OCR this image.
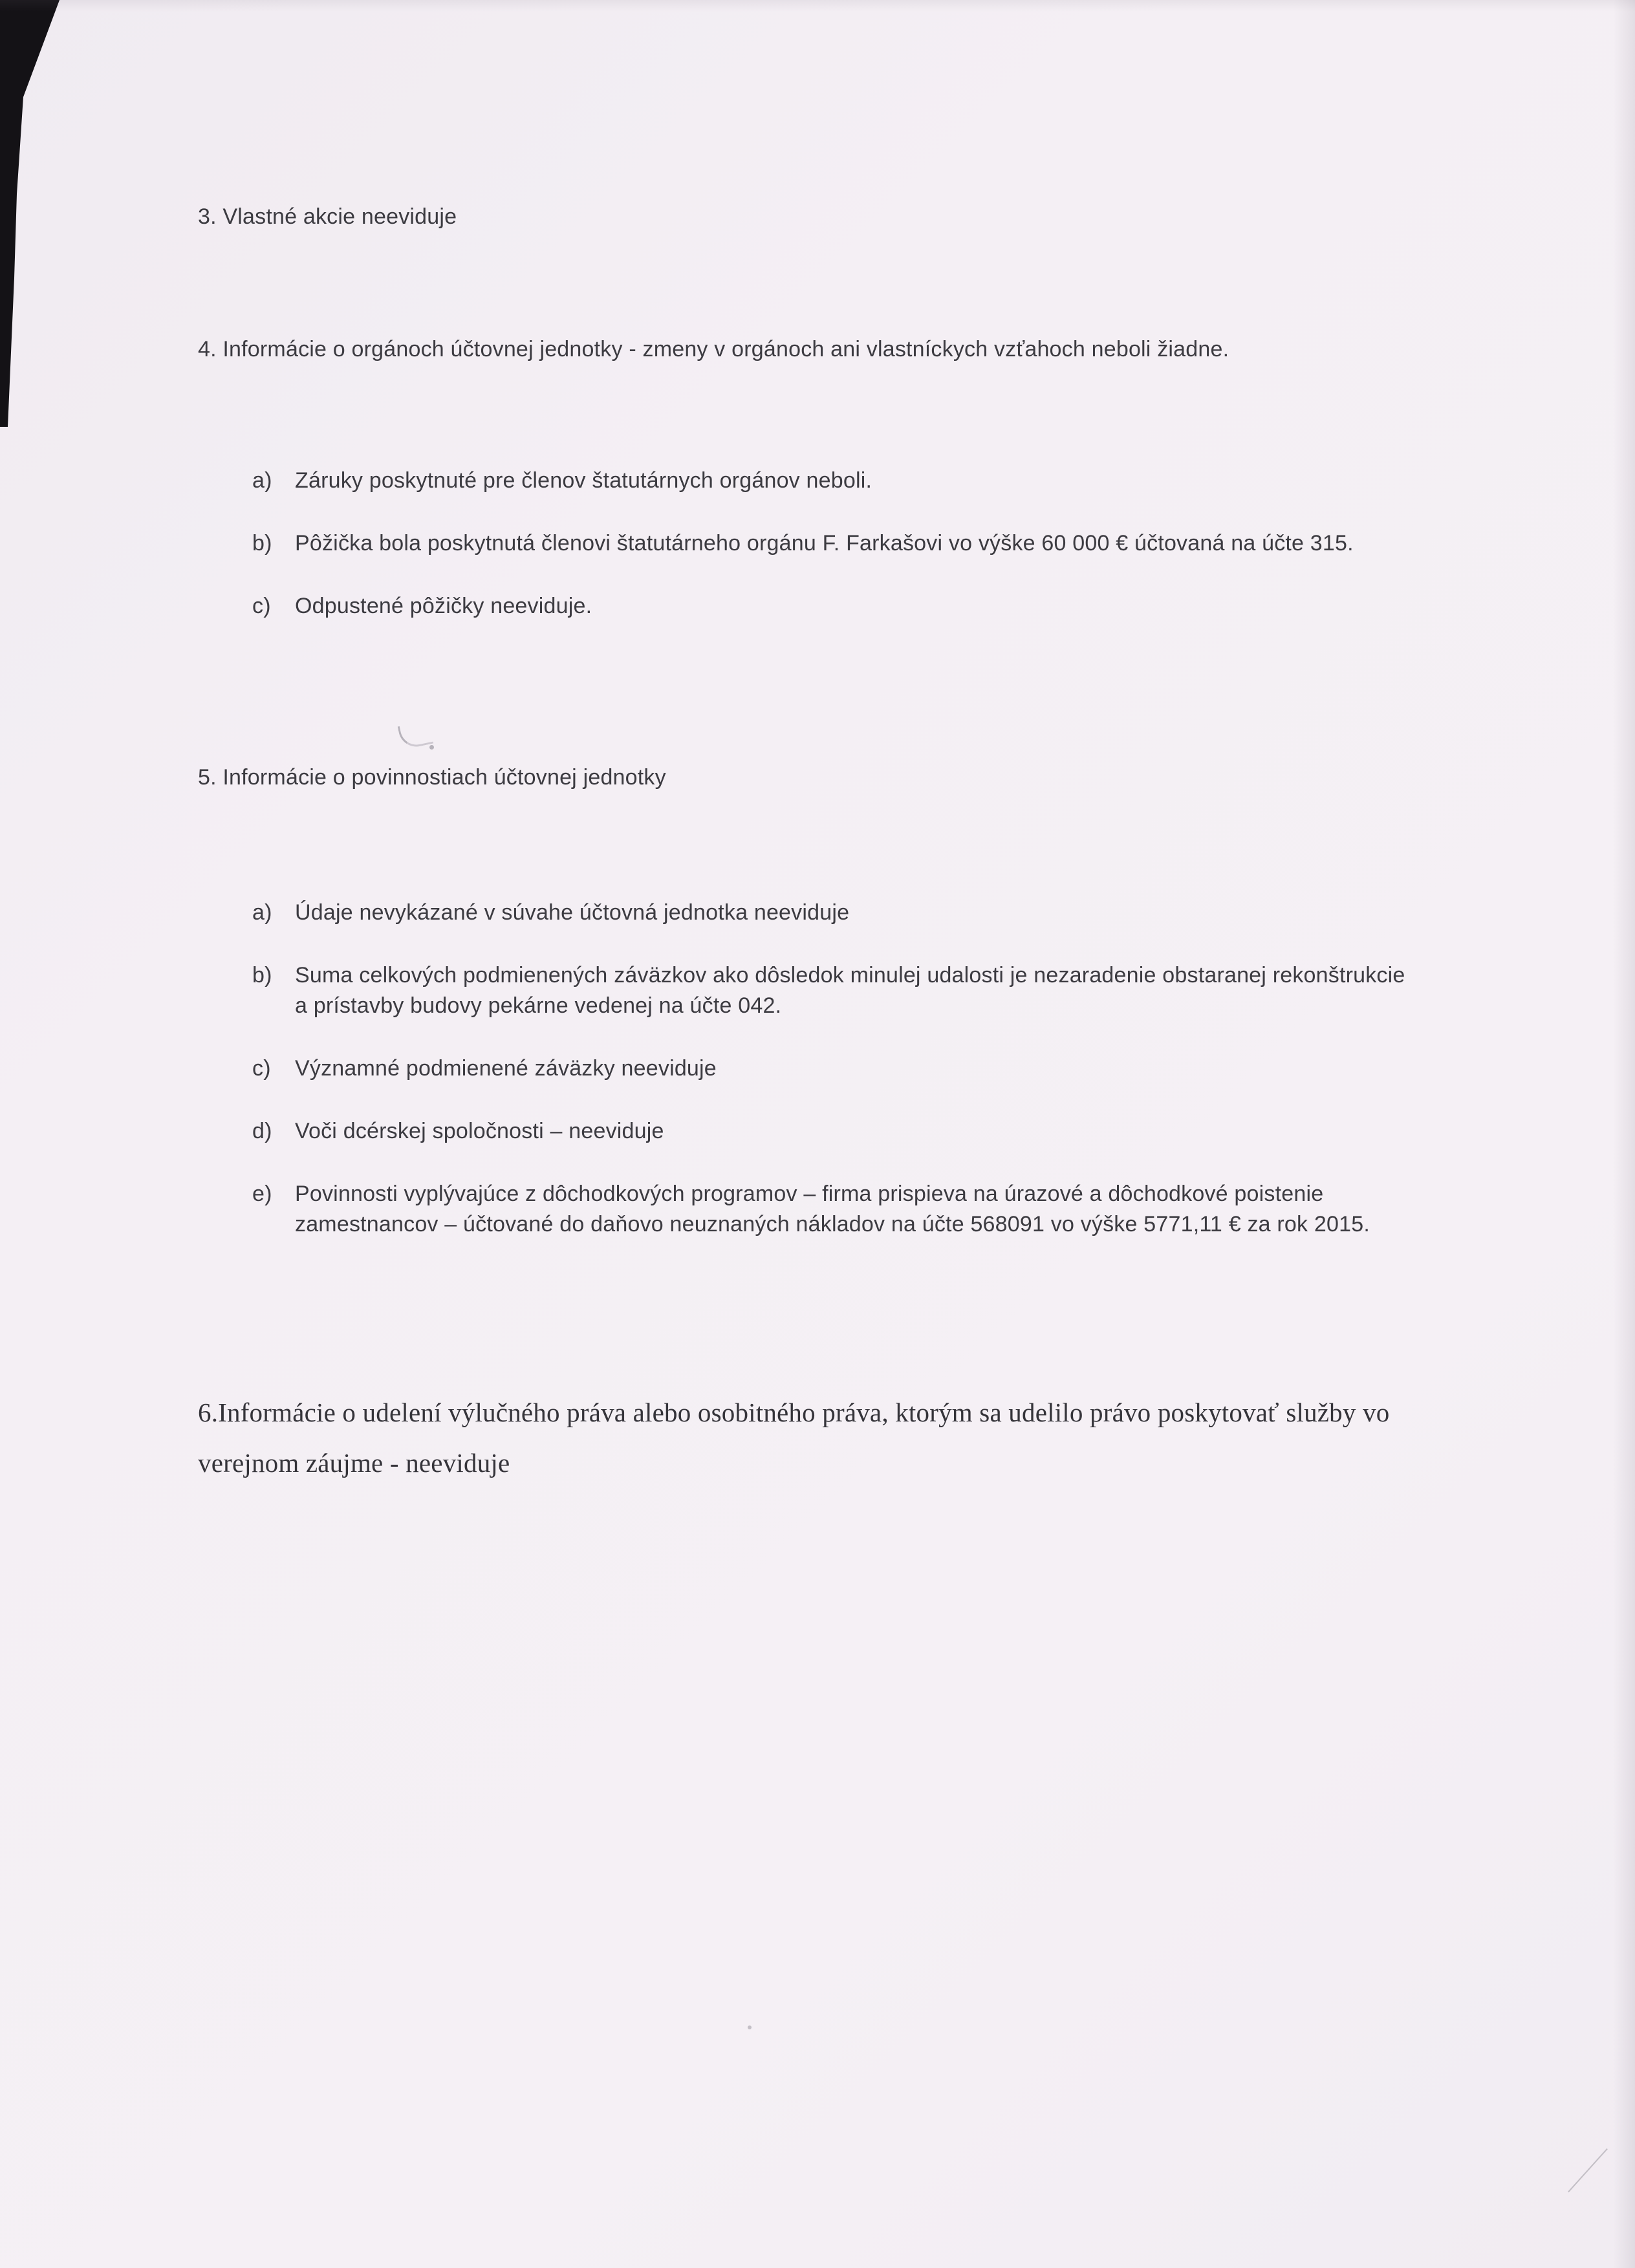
3. Vlastné akcie neeviduje

4. Informácie o orgánoch účtovnej jednotky - zmeny v orgánoch ani vlastníckych vzťahoch neboli žiadne.

a)	Záruky poskytnuté pre členov štatutárnych orgánov neboli.
b)	Pôžička bola poskytnutá členovi štatutárneho orgánu F. Farkašovi vo výške 60 000 € účtovaná na účte 315.
c)	Odpustené pôžičky neeviduje.

5. Informácie o povinnostiach účtovnej jednotky

a)	Údaje nevykázané v súvahe účtovná jednotka neeviduje
b)	Suma celkových podmienených záväzkov ako dôsledok minulej udalosti je nezaradenie obstaranej rekonštrukcie a prístavby budovy pekárne vedenej na účte 042.
c)	Významné podmienené záväzky neeviduje
d)	Voči dcérskej spoločnosti – neeviduje
e)	Povinnosti vyplývajúce z dôchodkových programov – firma prispieva na úrazové a dôchodkové poistenie zamestnancov – účtované do daňovo neuznaných nákladov na účte 568091 vo výške 5771,11 € za rok 2015.

6.Informácie o udelení výlučného práva alebo osobitného práva, ktorým sa udelilo právo poskytovať služby vo verejnom záujme - neeviduje
